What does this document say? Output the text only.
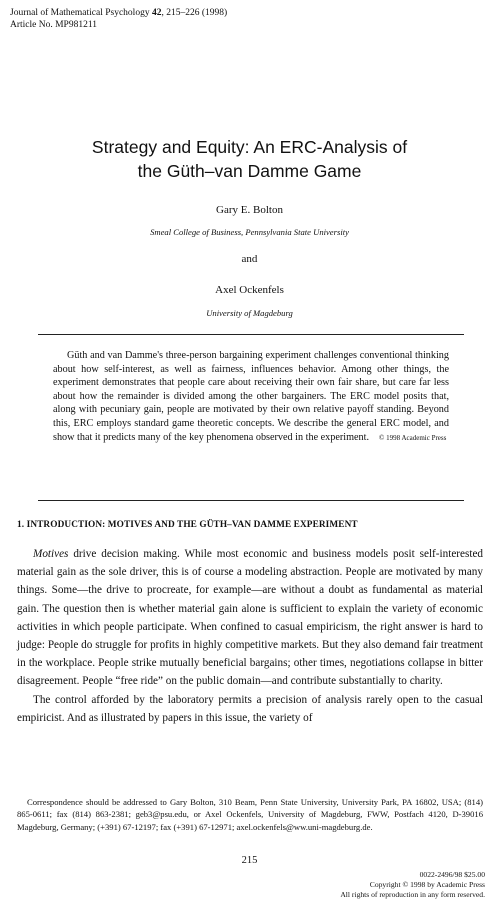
Journal of Mathematical Psychology 42, 215–226 (1998)
Article No. MP981211
Strategy and Equity: An ERC-Analysis of
the Güth–van Damme Game
Gary E. Bolton
Smeal College of Business, Pennsylvania State University
and
Axel Ockenfels
University of Magdeburg
Güth and van Damme's three-person bargaining experiment challenges conventional thinking about how self-interest, as well as fairness, influences behavior. Among other things, the experiment demonstrates that people care about receiving their own fair share, but care far less about how the remainder is divided among the other bargainers. The ERC model posits that, along with pecuniary gain, people are motivated by their own relative payoff standing. Beyond this, ERC employs standard game theoretic concepts. We describe the general ERC model, and show that it predicts many of the key phenomena observed in the experiment. © 1998 Academic Press
1. INTRODUCTION: MOTIVES AND THE GÜTH–VAN DAMME EXPERIMENT

Motives drive decision making. While most economic and business models posit self-interested material gain as the sole driver, this is of course a modeling abstraction. People are motivated by many things. Some—the drive to procreate, for example—are without a doubt as fundamental as material gain. The question then is whether material gain alone is sufficient to explain the variety of economic activities in which people participate. When confined to casual empiricism, the right answer is hard to judge: People do struggle for profits in highly competitive markets. But they also demand fair treatment in the workplace. People strike mutually beneficial bargains; other times, negotiations collapse in bitter disagreement. People “free ride” on the public domain—and contribute substantially to charity.

The control afforded by the laboratory permits a precision of analysis rarely open to the casual empiricist. And as illustrated by papers in this issue, the variety of

Correspondence should be addressed to Gary Bolton, 310 Beam, Penn State University, University Park, PA 16802, USA; (814) 865-0611; fax (814) 863-2381; geb3@psu.edu, or Axel Ockenfels, University of Magdeburg, FWW, Postfach 4120, D-39016 Magdeburg, Germany; (+391) 67-12197; fax (+391) 67-12971; axel.ockenfels@ww.uni-magdeburg.de.

215
0022-2496/98 $25.00
Copyright © 1998 by Academic Press
All rights of reproduction in any form reserved.
